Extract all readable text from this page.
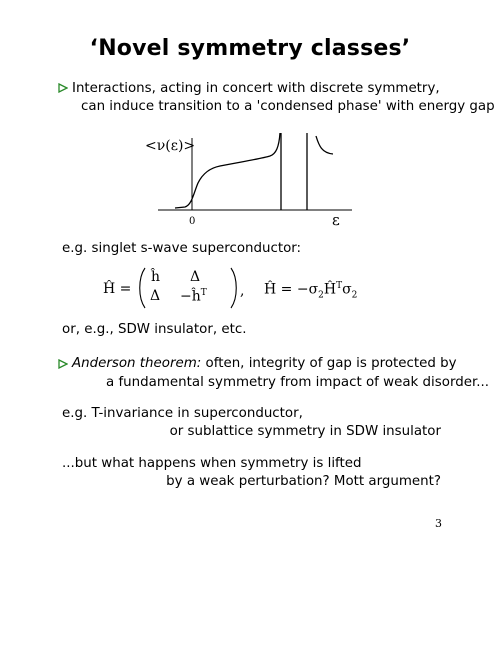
‘Novel symmetry classes’
Interactions, acting in concert with discrete symmetry,
can induce transition to a 'condensed phase' with energy gap
<ν(ε)>
0	ε
e.g. singlet s-wave superconductor:
Ĥ =
ĥ Δ
$\Delta -ĥ^T$ , Ĥ = $-\sigma_2Ĥ^T\sigma_2$
or, e.g., SDW insulator, etc.
Anderson theorem: often, integrity of gap is protected by
a fundamental symmetry from impact of weak disorder...
e.g. T-invariance in superconductor,
or sublattice symmetry in SDW insulator
...but what happens when symmetry is lifted
by a weak perturbation? Mott argument?
3
